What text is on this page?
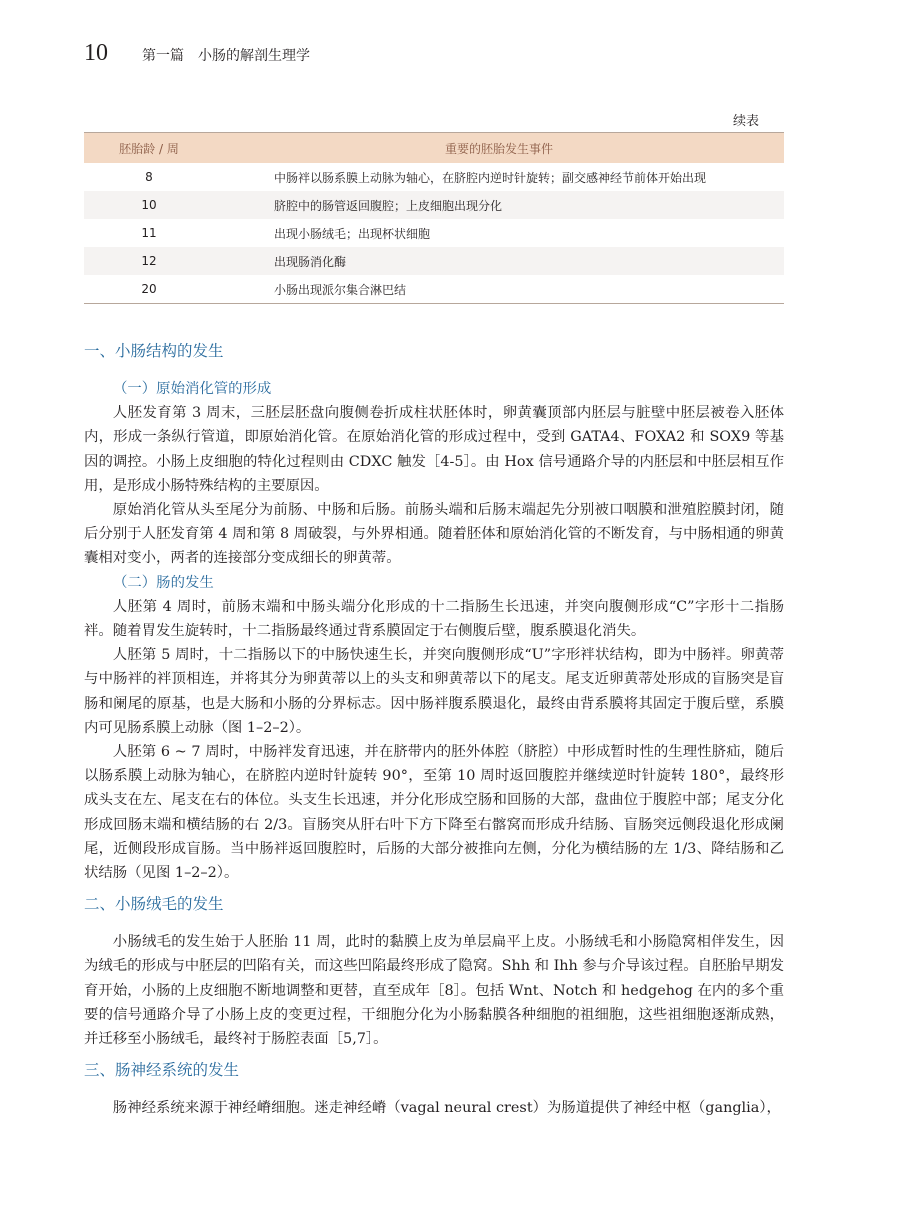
10 第一篇　小肠的解剖生理学
续表
胚胎龄 / 周	重要的胚胎发生事件
8	中肠袢以肠系膜上动脉为轴心，在脐腔内逆时针旋转；副交感神经节前体开始出现
10	脐腔中的肠管返回腹腔；上皮细胞出现分化
11	出现小肠绒毛；出现杯状细胞
12	出现肠消化酶
20	小肠出现派尔集合淋巴结
一、小肠结构的发生
（一）原始消化管的形成

人胚发育第 3 周末，三胚层胚盘向腹侧卷折成柱状胚体时，卵黄囊顶部内胚层与脏壁中胚层被卷入胚体内，形成一条纵行管道，即原始消化管。在原始消化管的形成过程中，受到 GATA4、FOXA2 和 SOX9 等基因的调控。小肠上皮细胞的特化过程则由 CDXC 触发［4-5］。由 Hox 信号通路介导的内胚层和中胚层相互作用，是形成小肠特殊结构的主要原因。

原始消化管从头至尾分为前肠、中肠和后肠。前肠头端和后肠末端起先分别被口咽膜和泄殖腔膜封闭，随后分别于人胚发育第 4 周和第 8 周破裂，与外界相通。随着胚体和原始消化管的不断发育，与中肠相通的卵黄囊相对变小，两者的连接部分变成细长的卵黄蒂。

（二）肠的发生

人胚第 4 周时，前肠末端和中肠头端分化形成的十二指肠生长迅速，并突向腹侧形成“C”字形十二指肠袢。随着胃发生旋转时，十二指肠最终通过背系膜固定于右侧腹后壁，腹系膜退化消失。

人胚第 5 周时，十二指肠以下的中肠快速生长，并突向腹侧形成“U”字形袢状结构，即为中肠袢。卵黄蒂与中肠袢的袢顶相连，并将其分为卵黄蒂以上的头支和卵黄蒂以下的尾支。尾支近卵黄蒂处形成的盲肠突是盲肠和阑尾的原基，也是大肠和小肠的分界标志。因中肠袢腹系膜退化，最终由背系膜将其固定于腹后壁，系膜内可见肠系膜上动脉（图 1–2–2）。

人胚第 6 ~ 7 周时，中肠袢发育迅速，并在脐带内的胚外体腔（脐腔）中形成暂时性的生理性脐疝，随后以肠系膜上动脉为轴心，在脐腔内逆时针旋转 90°，至第 10 周时返回腹腔并继续逆时针旋转 180°，最终形成头支在左、尾支在右的体位。头支生长迅速，并分化形成空肠和回肠的大部，盘曲位于腹腔中部；尾支分化形成回肠末端和横结肠的右 2/3。盲肠突从肝右叶下方下降至右髂窝而形成升结肠、盲肠突远侧段退化形成阑尾，近侧段形成盲肠。当中肠袢返回腹腔时，后肠的大部分被推向左侧，分化为横结肠的左 1/3、降结肠和乙状结肠（见图 1–2–2）。

二、小肠绒毛的发生

小肠绒毛的发生始于人胚胎 11 周，此时的黏膜上皮为单层扁平上皮。小肠绒毛和小肠隐窝相伴发生，因为绒毛的形成与中胚层的凹陷有关，而这些凹陷最终形成了隐窝。Shh 和 Ihh 参与介导该过程。自胚胎早期发育开始，小肠的上皮细胞不断地调整和更替，直至成年［8］。包括 Wnt、Notch 和 hedgehog 在内的多个重要的信号通路介导了小肠上皮的变更过程，干细胞分化为小肠黏膜各种细胞的祖细胞，这些祖细胞逐渐成熟，并迁移至小肠绒毛，最终衬于肠腔表面［5,7］。

三、肠神经系统的发生

肠神经系统来源于神经嵴细胞。迷走神经嵴（vagal neural crest）为肠道提供了神经中枢（ganglia），
